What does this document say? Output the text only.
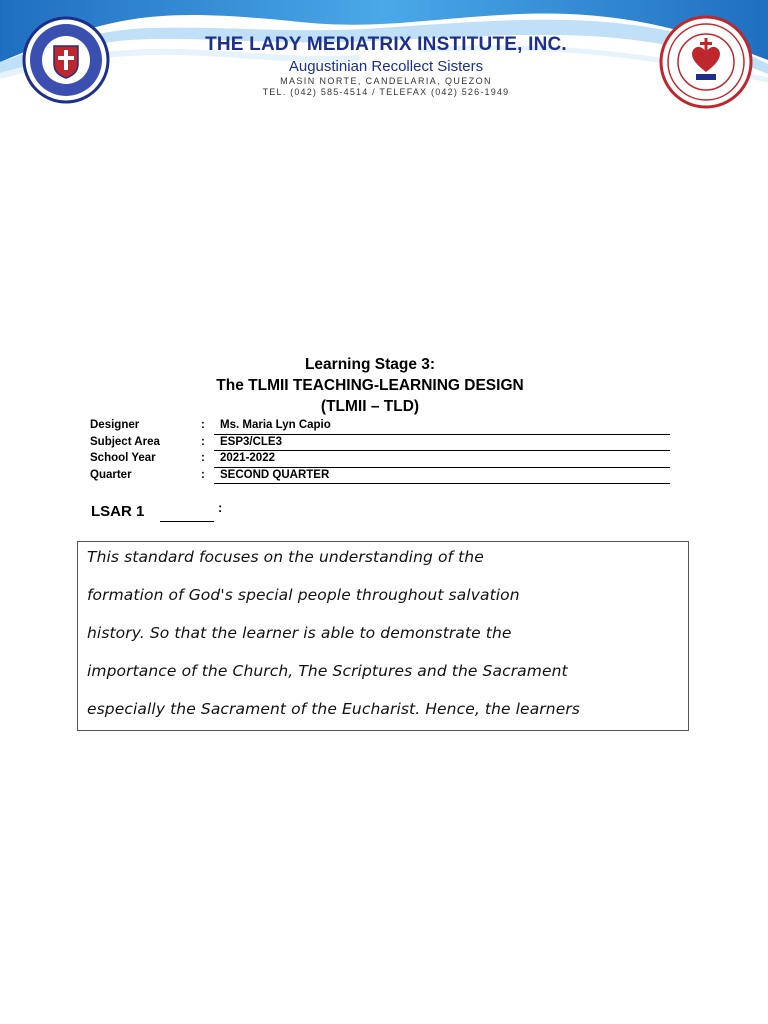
THE LADY MEDIATRIX INSTITUTE, INC.
Augustinian Recollect Sisters
MASIN NORTE, CANDELARIA, QUEZON
TEL. (042) 585-4514 / TELEFAX (042) 526-1949
Learning Stage 3:
The TLMII TEACHING-LEARNING DESIGN
(TLMII – TLD)
Designer	:	Ms. Maria Lyn Capio
Subject Area	:	ESP3/CLE3
School Year	:	2021-2022
Quarter	:	SECOND QUARTER
LSAR 1	:
This standard focuses on the understanding of the
formation of God's special people throughout salvation
history. So that the learner is able to demonstrate the
importance of the Church, The Scriptures and the Sacrament
especially the Sacrament of the Eucharist. Hence, the learners
